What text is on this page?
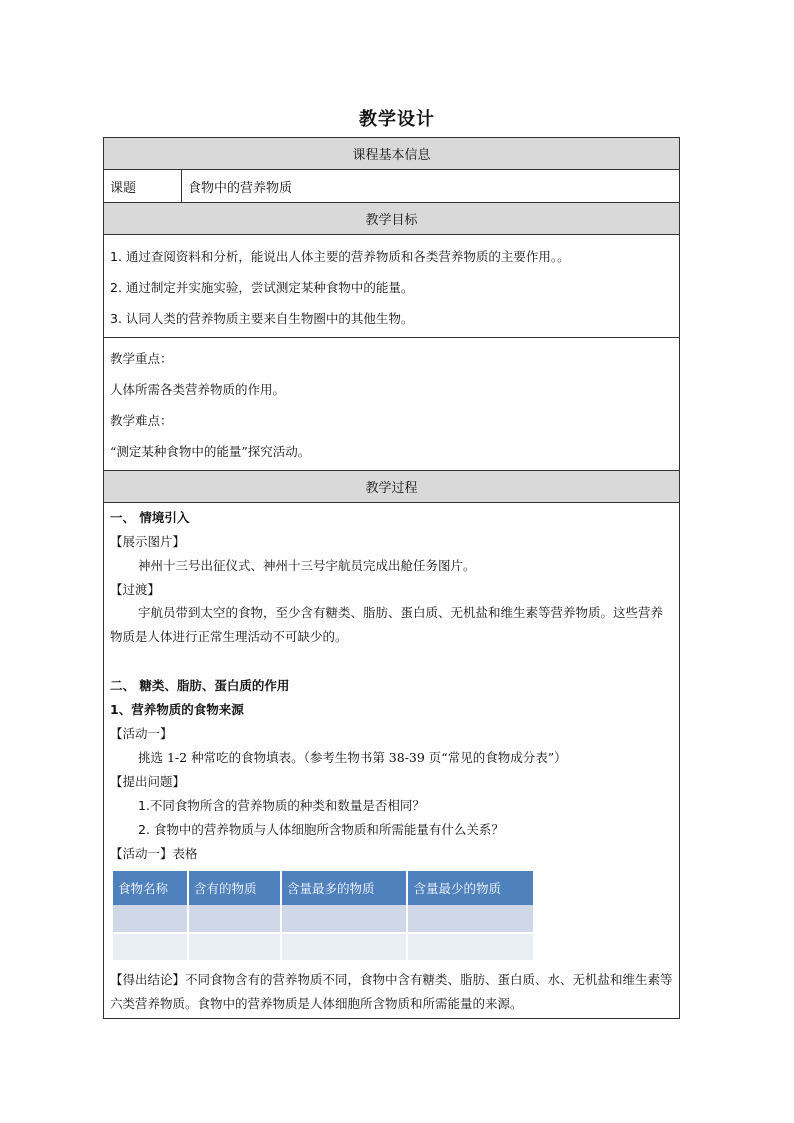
教学设计
课程基本信息
课题	食物中的营养物质
教学目标
1. 通过查阅资料和分析，能说出人体主要的营养物质和各类营养物质的主要作用。。
2. 通过制定并实施实验，尝试测定某种食物中的能量。
3. 认同人类的营养物质主要来自生物圈中的其他生物。
教学重点：
人体所需各类营养物质的作用。
教学难点：
“测定某种食物中的能量”探究活动。
教学过程
一、 情境引入
【展示图片】
神州十三号出征仪式、神州十三号宇航员完成出舱任务图片。
【过渡】
宇航员带到太空的食物，至少含有糖类、脂肪、蛋白质、无机盐和维生素等营养物质。这些营养物质是人体进行正常生理活动不可缺少的。
二、 糖类、脂肪、蛋白质的作用
1、营养物质的食物来源
【活动一】
挑选 1-2 种常吃的食物填表。（参考生物书第 38-39 页“常见的食物成分表”）
【提出问题】
1.不同食物所含的营养物质的种类和数量是否相同？
2. 食物中的营养物质与人体细胞所含物质和所需能量有什么关系？
【活动一】表格
食物名称	含有的物质	含量最多的物质	含量最少的物质

【得出结论】不同食物含有的营养物质不同，食物中含有糖类、脂肪、蛋白质、水、无机盐和维生素等六类营养物质。食物中的营养物质是人体细胞所含物质和所需能量的来源。
